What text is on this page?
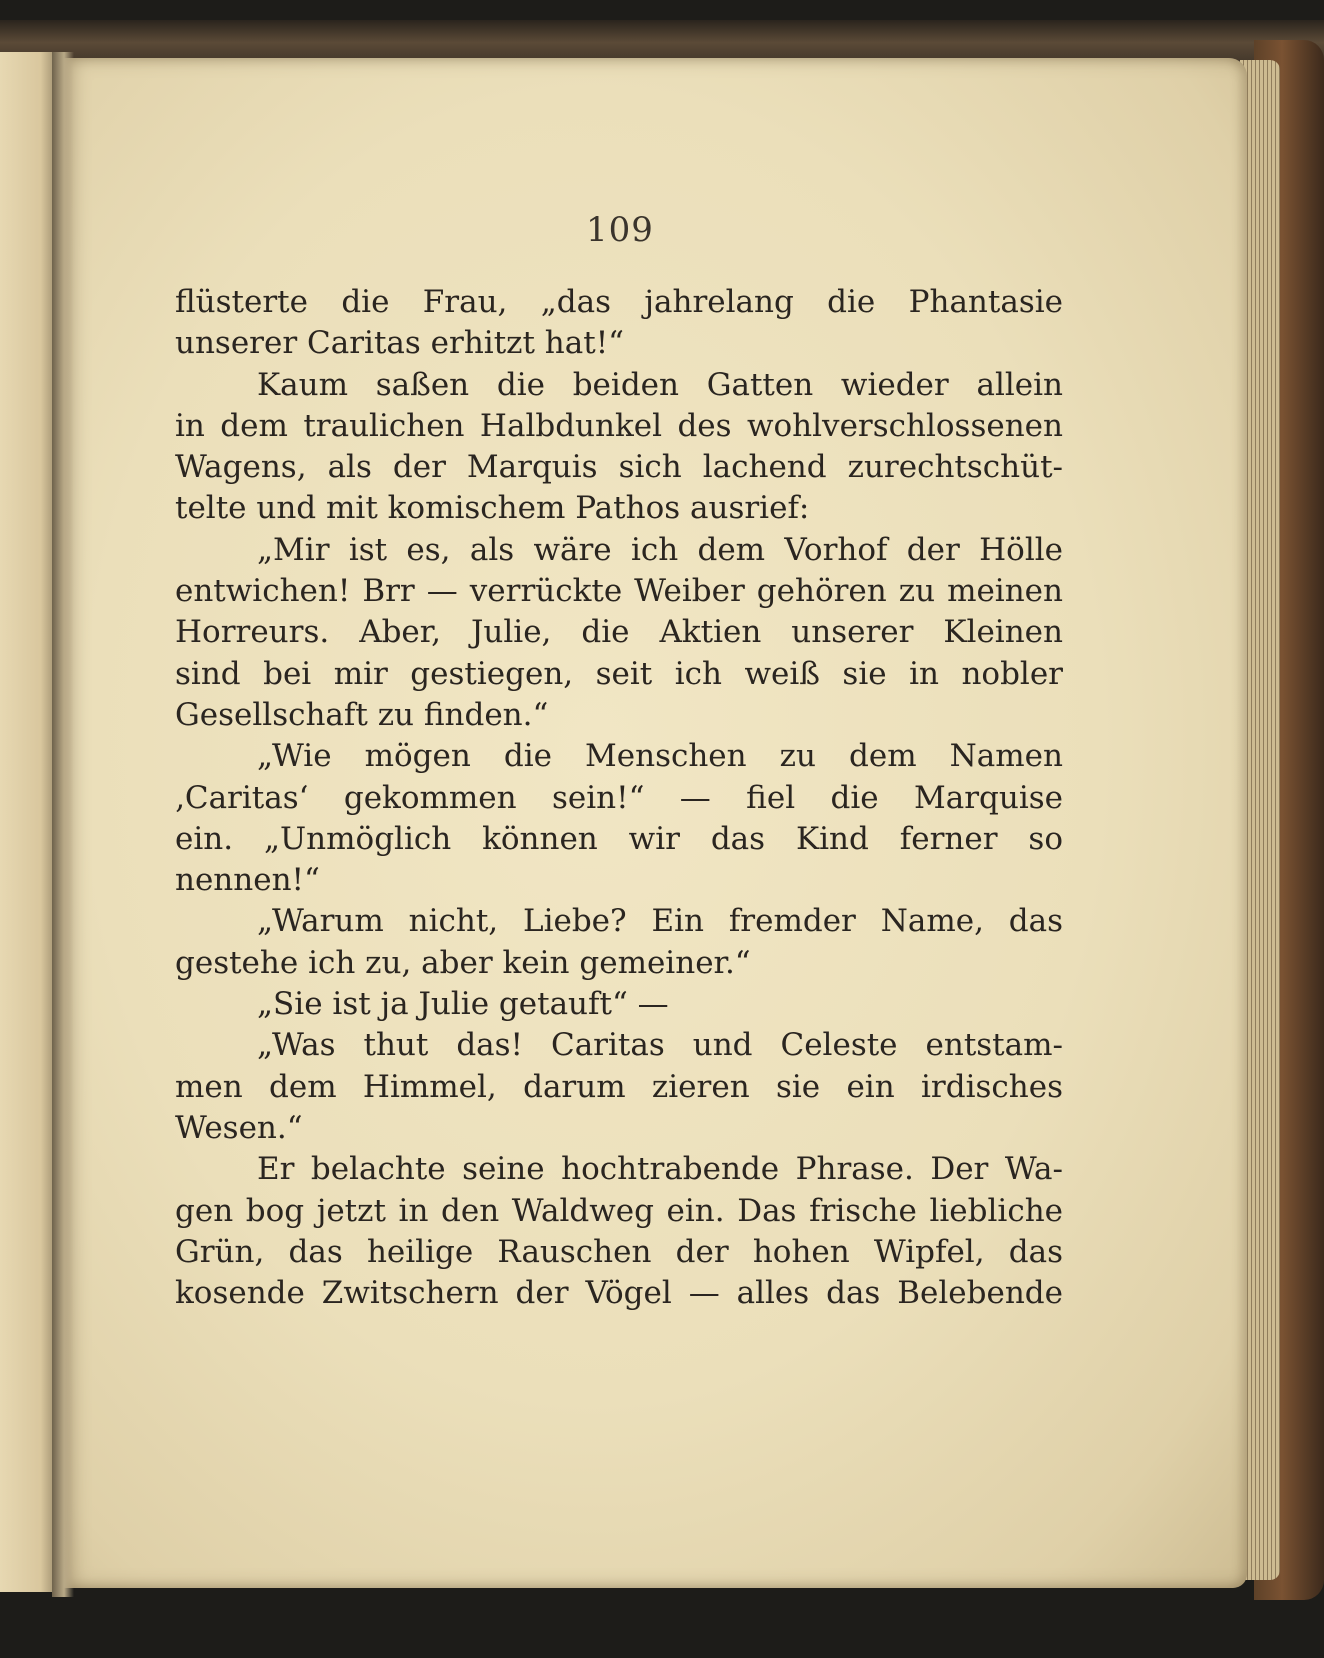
109
flüsterte die Frau, „das jahrelang die Phantasie
unserer Caritas erhitzt hat!“
Kaum saßen die beiden Gatten wieder allein
in dem traulichen Halbdunkel des wohlverschlossenen
Wagens, als der Marquis sich lachend zurechtschüt-
telte und mit komischem Pathos ausrief:
„Mir ist es, als wäre ich dem Vorhof der Hölle
entwichen! Brr — verrückte Weiber gehören zu meinen
Horreurs. Aber, Julie, die Aktien unserer Kleinen
sind bei mir gestiegen, seit ich weiß sie in nobler
Gesellschaft zu finden.“
„Wie mögen die Menschen zu dem Namen
‚Caritas‘ gekommen sein!“ — fiel die Marquise
ein. „Unmöglich können wir das Kind ferner so
nennen!“
„Warum nicht, Liebe? Ein fremder Name, das
gestehe ich zu, aber kein gemeiner.“
„Sie ist ja Julie getauft“ —
„Was thut das! Caritas und Celeste entstam-
men dem Himmel, darum zieren sie ein irdisches
Wesen.“
Er belachte seine hochtrabende Phrase. Der Wa-
gen bog jetzt in den Waldweg ein. Das frische liebliche
Grün, das heilige Rauschen der hohen Wipfel, das
kosende Zwitschern der Vögel — alles das Belebende
